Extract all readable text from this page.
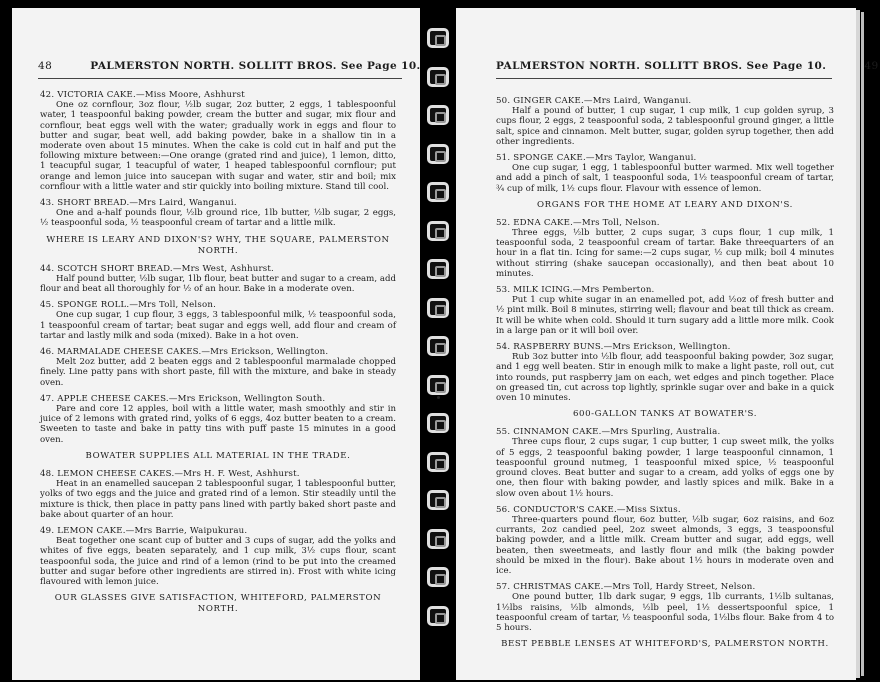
48	PALMERSTON NORTH. SOLLITT BROS. See Page 10.
42. VICTORIA CAKE.—Miss Moore, Ashhurst
One oz cornflour, 3oz flour, ½lb sugar, 2oz butter, 2 eggs, 1 tablespoonful water, 1 teaspoonful baking powder, cream the butter and sugar, mix flour and cornflour, beat eggs well with the water; gradually work in eggs and flour to butter and sugar, beat well, add baking powder, bake in a shallow tin in a moderate oven about 15 minutes. When the cake is cold cut in half and put the following mixture between:—One orange (grated rind and juice), 1 lemon, ditto, 1 teacupful sugar, 1 teacupful of water, 1 heaped tablespoonful cornflour; put orange and lemon juice into saucepan with sugar and water, stir and boil; mix cornflour with a little water and stir quickly into boiling mixture. Stand till cool.
43. SHORT BREAD.—Mrs Laird, Wanganui.
One and a-half pounds flour, ½lb ground rice, 1lb butter, ½lb sugar, 2 eggs, ½ teaspoonful soda, ½ teaspoonful cream of tartar and a little milk.
WHERE IS LEARY AND DIXON'S? WHY, THE SQUARE, PALMERSTON NORTH.
44. SCOTCH SHORT BREAD.—Mrs West, Ashhurst.
Half pound butter, ½lb sugar, 1lb flour, beat butter and sugar to a cream, add flour and beat all thoroughly for ½ of an hour. Bake in a moderate oven.
45. SPONGE ROLL.—Mrs Toll, Nelson.
One cup sugar, 1 cup flour, 3 eggs, 3 tablespoonful milk, ½ teaspoonful soda, 1 teaspoonful cream of tartar; beat sugar and eggs well, add flour and cream of tartar and lastly milk and soda (mixed). Bake in a hot oven.
46. MARMALADE CHEESE CAKES.—Mrs Erickson, Wellington.
Melt 2oz butter, add 2 beaten eggs and 2 tablespoonful marmalade chopped finely. Line patty pans with short paste, fill with the mixture, and bake in steady oven.
47. APPLE CHEESE CAKES.—Mrs Erickson, Wellington South.
Pare and core 12 apples, boil with a little water, mash smoothly and stir in juice of 2 lemons with grated rind, yolks of 6 eggs, 4oz butter beaten to a cream. Sweeten to taste and bake in patty tins with puff paste 15 minutes in a good oven.
BOWATER SUPPLIES ALL MATERIAL IN THE TRADE.
48. LEMON CHEESE CAKES.—Mrs H. F. West, Ashhurst.
Heat in an enamelled saucepan 2 tablespoonful sugar, 1 tablespoonful butter, yolks of two eggs and the juice and grated rind of a lemon. Stir steadily until the mixture is thick, then place in patty pans lined with partly baked short paste and bake about quarter of an hour.
49. LEMON CAKE.—Mrs Barrie, Waipukurau.
Beat together one scant cup of butter and 3 cups of sugar, add the yolks and whites of five eggs, beaten separately, and 1 cup milk, 3½ cups flour, scant teaspoonful soda, the juice and rind of a lemon (rind to be put into the creamed butter and sugar before other ingredients are stirred in). Frost with white icing flavoured with lemon juice.
OUR GLASSES GIVE SATISFACTION, WHITEFORD, PALMERSTON NORTH.
PALMERSTON NORTH. SOLLITT BROS. See Page 10.	49
50. GINGER CAKE.—Mrs Laird, Wanganui.
Half a pound of butter, 1 cup sugar, 1 cup milk, 1 cup golden syrup, 3 cups flour, 2 eggs, 2 teaspoonful soda, 2 tablespoonful ground ginger, a little salt, spice and cinnamon. Melt butter, sugar, golden syrup together, then add other ingredients.
51. SPONGE CAKE.—Mrs Taylor, Wanganui.
One cup sugar, 1 egg, 1 tablespoonful butter warmed. Mix well together and add a pinch of salt, 1 teaspoonful soda, 1½ teaspoonful cream of tartar, ¾ cup of milk, 1½ cups flour. Flavour with essence of lemon.
ORGANS FOR THE HOME AT LEARY AND DIXON'S.
52. EDNA CAKE.—Mrs Toll, Nelson.
Three eggs, ½lb butter, 2 cups sugar, 3 cups flour, 1 cup milk, 1 teaspoonful soda, 2 teaspoonful cream of tartar. Bake threequarters of an hour in a flat tin. Icing for same:—2 cups sugar, ½ cup milk; boil 4 minutes without stirring (shake saucepan occasionally), and then beat about 10 minutes.
53. MILK ICING.—Mrs Pemberton.
Put 1 cup white sugar in an enamelled pot, add ½oz of fresh butter and ½ pint milk. Boil 8 minutes, stirring well; flavour and beat till thick as cream. It will be white when cold. Should it turn sugary add a little more milk. Cook in a large pan or it will boil over.
54. RASPBERRY BUNS.—Mrs Erickson, Wellington.
Rub 3oz butter into ½lb flour, add teaspoonful baking powder, 3oz sugar, and 1 egg well beaten. Stir in enough milk to make a light paste, roll out, cut into rounds, put raspberry jam on each, wet edges and pinch together. Place on greased tin, cut across top lightly, sprinkle sugar over and bake in a quick oven 10 minutes.
600-GALLON TANKS AT BOWATER'S.
55. CINNAMON CAKE.—Mrs Spurling, Australia.
Three cups flour, 2 cups sugar, 1 cup butter, 1 cup sweet milk, the yolks of 5 eggs, 2 teaspoonful baking powder, 1 large teaspoonful cinnamon, 1 teaspoonful ground nutmeg, 1 teaspoonful mixed spice, ½ teaspoonful ground cloves. Beat butter and sugar to a cream, add yolks of eggs one by one, then flour with baking powder, and lastly spices and milk. Bake in a slow oven about 1½ hours.
56. CONDUCTOR'S CAKE.—Miss Sixtus.
Three-quarters pound flour, 6oz butter, ½lb sugar, 6oz raisins, and 6oz currants, 2oz candied peel, 2oz sweet almonds, 3 eggs, 3 teaspoonsful baking powder, and a little milk. Cream butter and sugar, add eggs, well beaten, then sweetmeats, and lastly flour and milk (the baking powder should be mixed in the flour). Bake about 1½ hours in moderate oven and ice.
57. CHRISTMAS CAKE.—Mrs Toll, Hardy Street, Nelson.
One pound butter, 1lb dark sugar, 9 eggs, 1lb currants, 1½lb sultanas, 1½lbs raisins, ½lb almonds, ½lb peel, 1½ dessertspoonful spice, 1 teaspoonful cream of tartar, ½ teaspoonful soda, 1½lbs flour. Bake from 4 to 5 hours.
BEST PEBBLE LENSES AT WHITEFORD'S, PALMERSTON NORTH.
